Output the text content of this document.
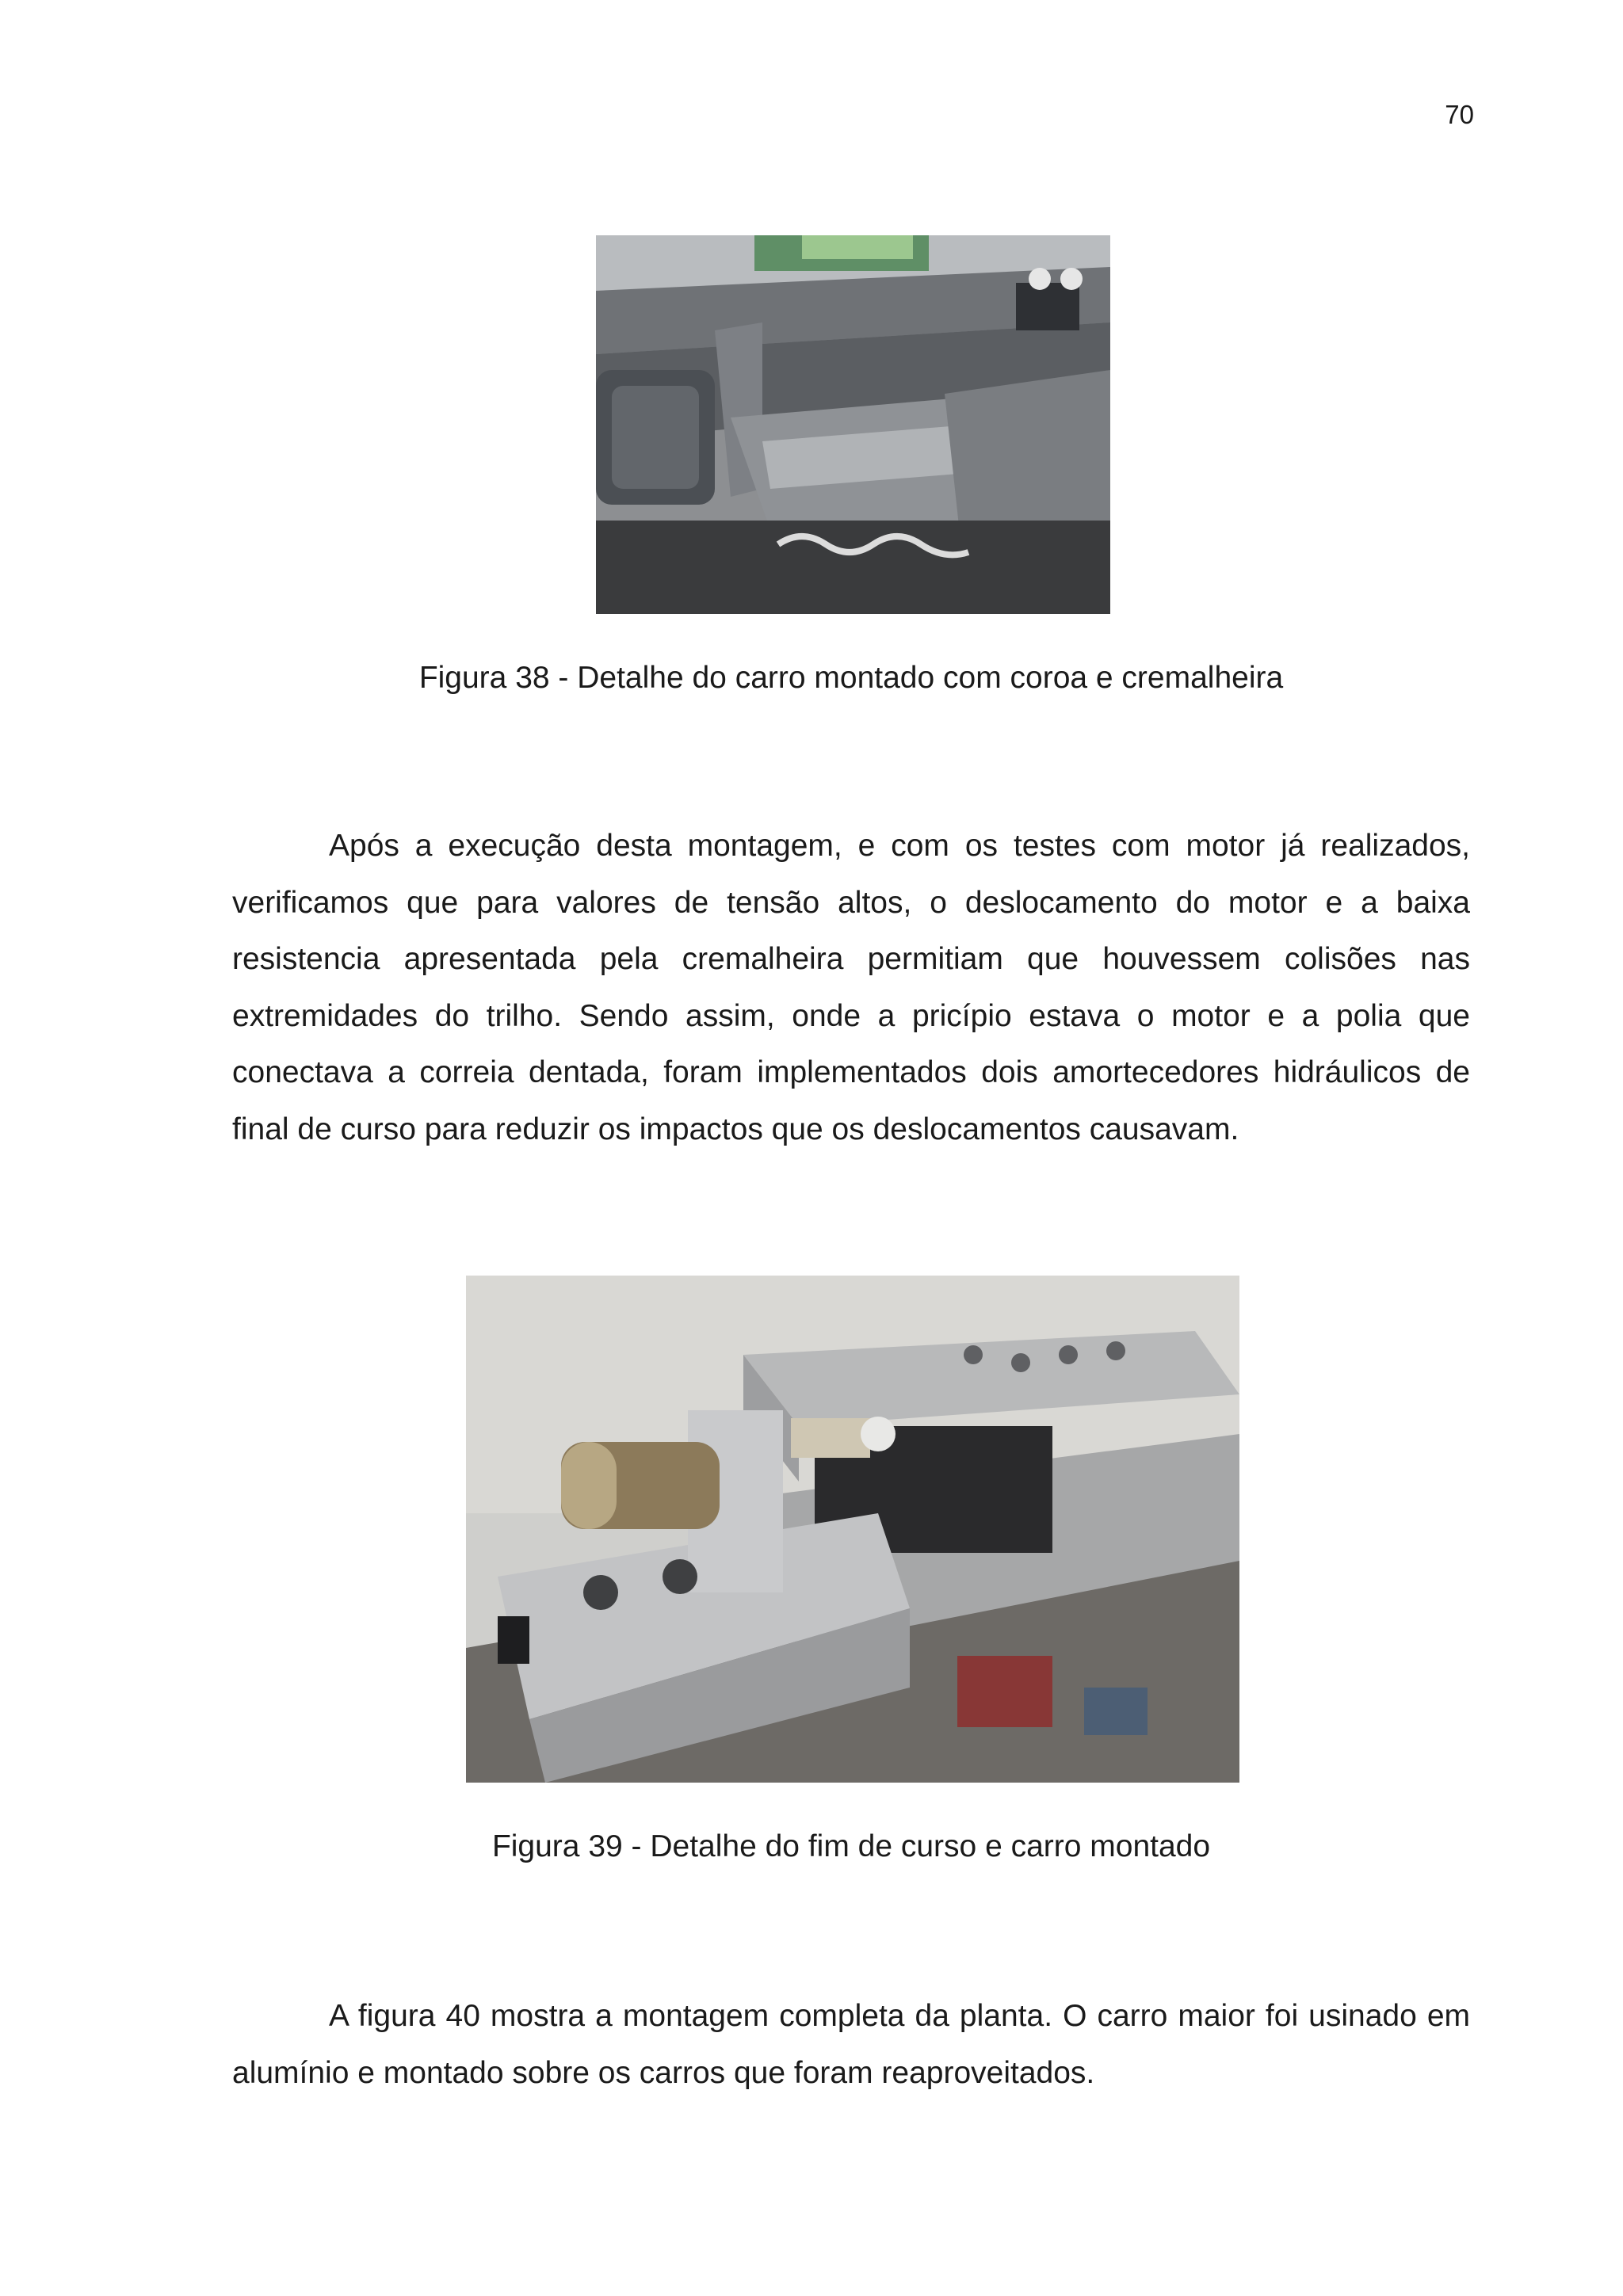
70
Figura 38 - Detalhe do carro montado com coroa e cremalheira

Após a execução desta montagem, e com os testes com motor já realizados, verificamos que para valores de tensão altos, o deslocamento do motor e a baixa resistencia apresentada pela cremalheira permitiam que houvessem colisões nas extremidades do trilho. Sendo assim, onde a pricípio estava o motor e a polia que conectava a correia dentada, foram implementados dois amortecedores hidráulicos de final de curso para reduzir os impactos que os deslocamentos causavam.

Figura 39 - Detalhe do fim de curso e carro montado

A figura 40 mostra a montagem completa da planta. O carro maior foi usinado em alumínio e montado sobre os carros que foram reaproveitados.
